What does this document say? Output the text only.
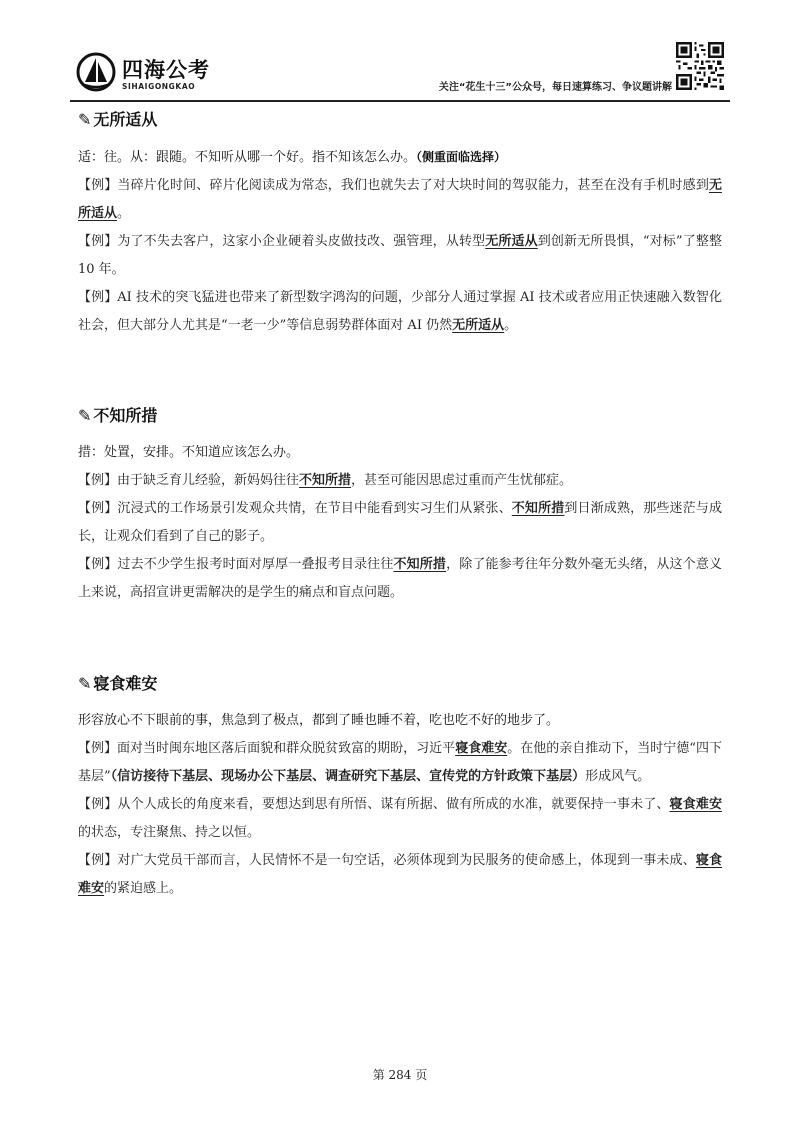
四海公考
SIHAIGONGKAO	关注“花生十三”公众号，每日速算练习、争议题讲解
✎ 无所适从
适：往。从：跟随。不知听从哪一个好。指不知该怎么办。（侧重面临选择）
【例】当碎片化时间、碎片化阅读成为常态，我们也就失去了对大块时间的驾驭能力，甚至在没有手机时感到无所适从。
【例】为了不失去客户，这家小企业硬着头皮做技改、强管理，从转型无所适从到创新无所畏惧，“对标”了整整 10 年。
【例】AI 技术的突飞猛进也带来了新型数字鸿沟的问题，少部分人通过掌握 AI 技术或者应用正快速融入数智化社会，但大部分人尤其是“一老一少”等信息弱势群体面对 AI 仍然无所适从。
✎ 不知所措
措：处置，安排。不知道应该怎么办。
【例】由于缺乏育儿经验，新妈妈往往不知所措，甚至可能因思虑过重而产生忧郁症。
【例】沉浸式的工作场景引发观众共情，在节目中能看到实习生们从紧张、不知所措到日渐成熟，那些迷茫与成长，让观众们看到了自己的影子。
【例】过去不少学生报考时面对厚厚一叠报考目录往往不知所措，除了能参考往年分数外毫无头绪，从这个意义上来说，高招宣讲更需解决的是学生的痛点和盲点问题。
✎ 寝食难安
形容放心不下眼前的事，焦急到了极点，都到了睡也睡不着，吃也吃不好的地步了。
【例】面对当时闽东地区落后面貌和群众脱贫致富的期盼，习近平寝食难安。在他的亲自推动下，当时宁德“四下基层”（信访接待下基层、现场办公下基层、调查研究下基层、宣传党的方针政策下基层）形成风气。
【例】从个人成长的角度来看，要想达到思有所悟、谋有所据、做有所成的水准，就要保持一事未了、寝食难安的状态，专注聚焦、持之以恒。
【例】对广大党员干部而言，人民情怀不是一句空话，必须体现到为民服务的使命感上，体现到一事未成、寝食难安的紧迫感上。
第 284 页
